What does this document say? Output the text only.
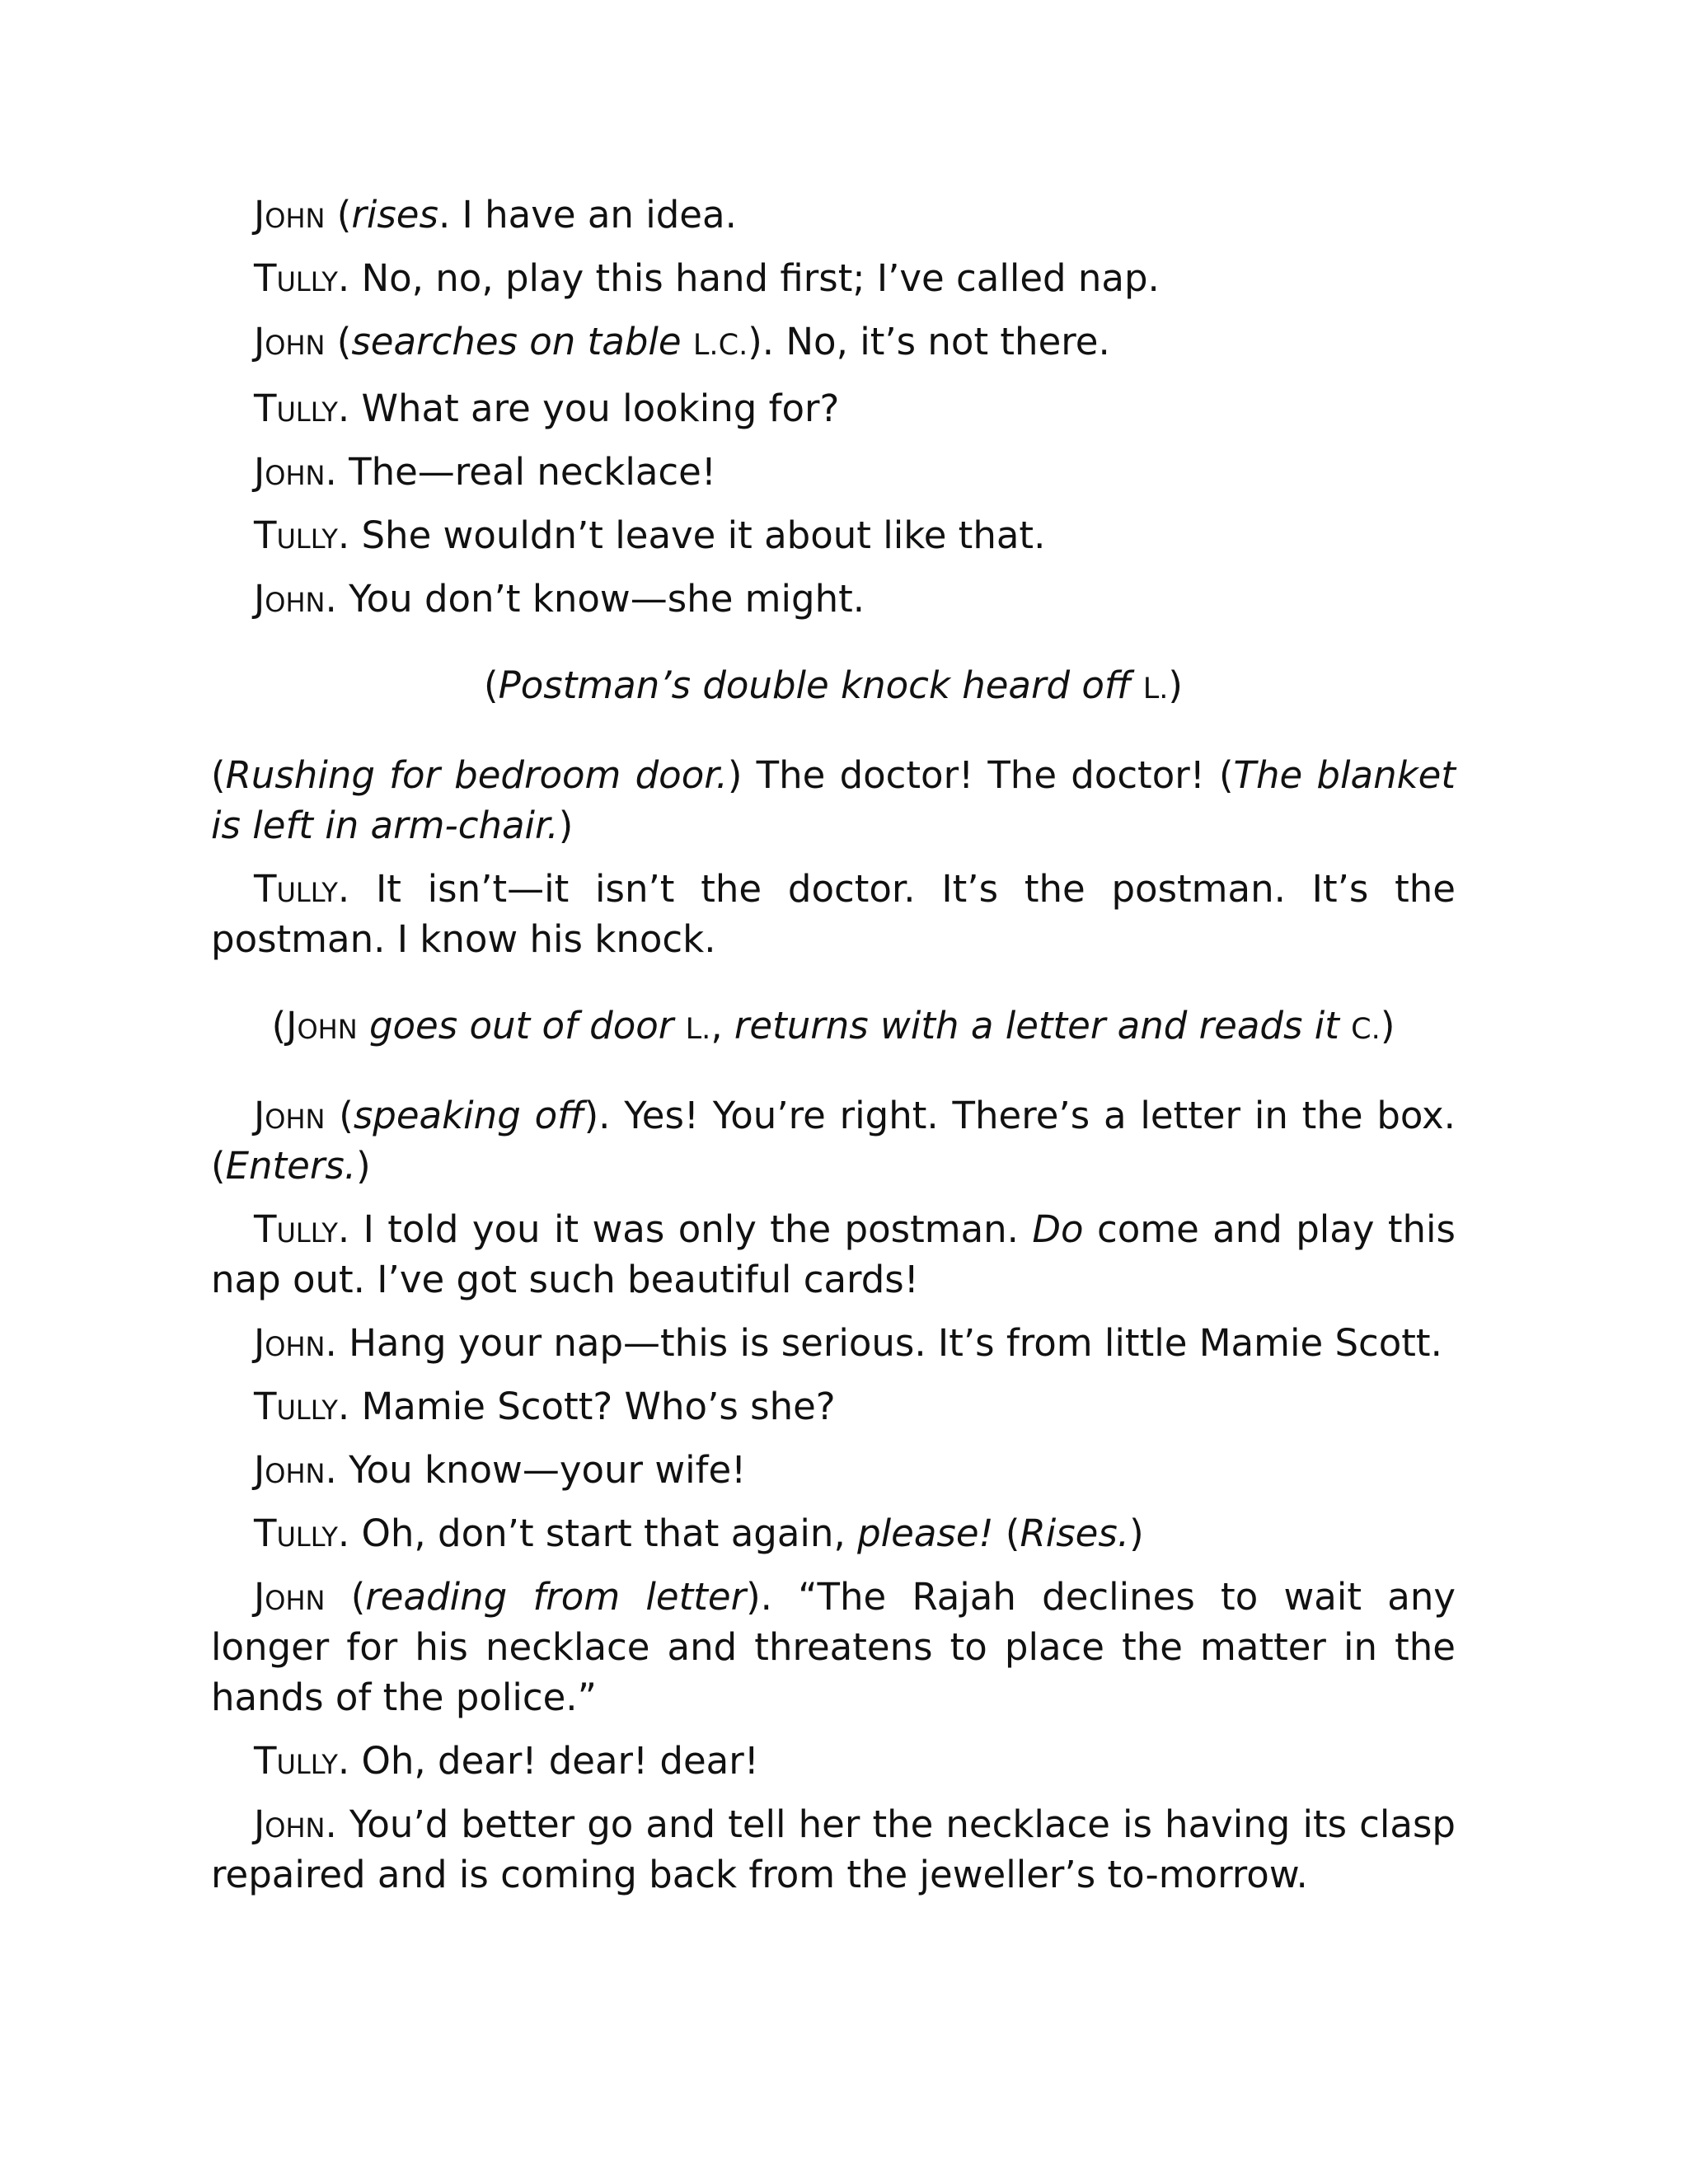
John (rises. I have an idea.

Tully. No, no, play this hand first; I’ve called nap.

John (searches on table L.C.). No, it’s not there.

Tully. What are you looking for?

John. The—real necklace!

Tully. She wouldn’t leave it about like that.

John. You don’t know—she might.

(Postman’s double knock heard off L.)

(Rushing for bedroom door.) The doctor! The doctor! (The blanket is left in arm-chair.)

Tully. It isn’t—it isn’t the doctor. It’s the postman. It’s the postman. I know his knock.

(John goes out of door L., returns with a letter and reads it C.)

John (speaking off). Yes! You’re right. There’s a letter in the box. (Enters.)

Tully. I told you it was only the postman. Do come and play this nap out. I’ve got such beautiful cards!

John. Hang your nap—this is serious. It’s from little Mamie Scott.

Tully. Mamie Scott? Who’s she?

John. You know—your wife!

Tully. Oh, don’t start that again, please! (Rises.)

John (reading from letter). “The Rajah declines to wait any longer for his necklace and threatens to place the matter in the hands of the police.”

Tully. Oh, dear! dear! dear!

John. You’d better go and tell her the necklace is having its clasp repaired and is coming back from the jeweller’s to-morrow.
